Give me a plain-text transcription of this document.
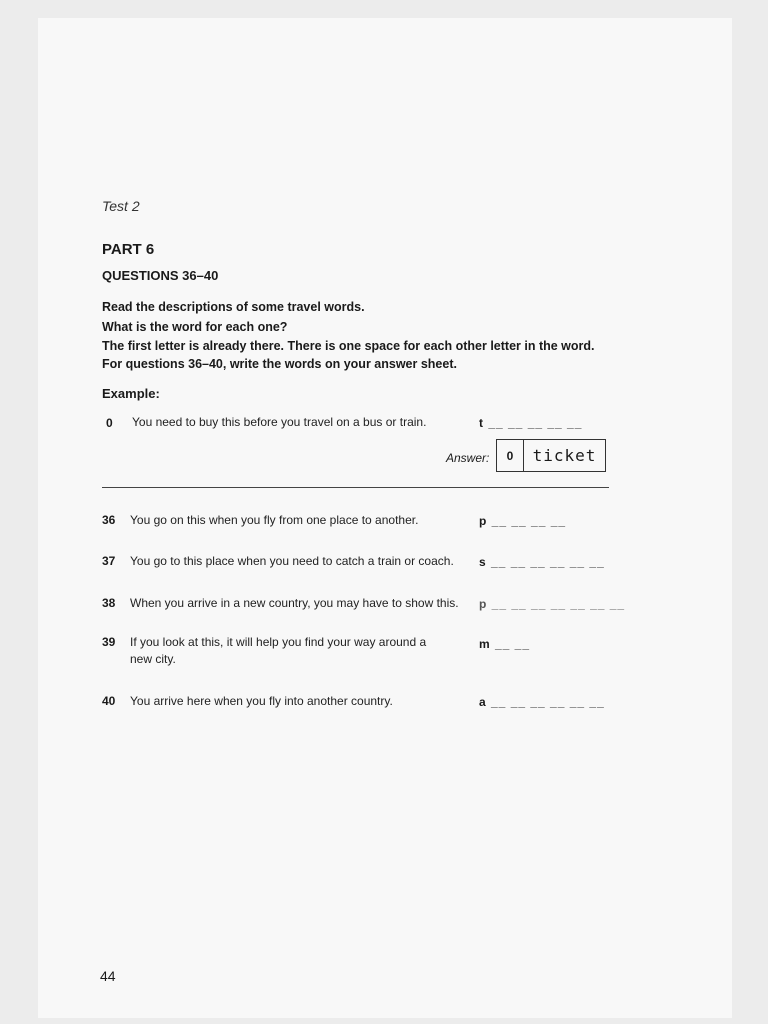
Test 2
PART 6
QUESTIONS 36–40
Read the descriptions of some travel words.
What is the word for each one?
The first letter is already there. There is one space for each other letter in the word.
For questions 36–40, write the words on your answer sheet.
Example:
0 You need to buy this before you travel on a bus or train.	t __ __ __ __ __
Answer:	0	ticket
36 You go on this when you fly from one place to another.	p __ __ __ __
37 You go to this place when you need to catch a train or coach.	s __ __ __ __ __ __
38 When you arrive in a new country, you may have to show this. p __ __ __ __ __ __ __
39 If you look at this, it will help you find your way around a new city.
m __ __
40 You arrive here when you fly into another country.	a __ __ __ __ __ __
44
